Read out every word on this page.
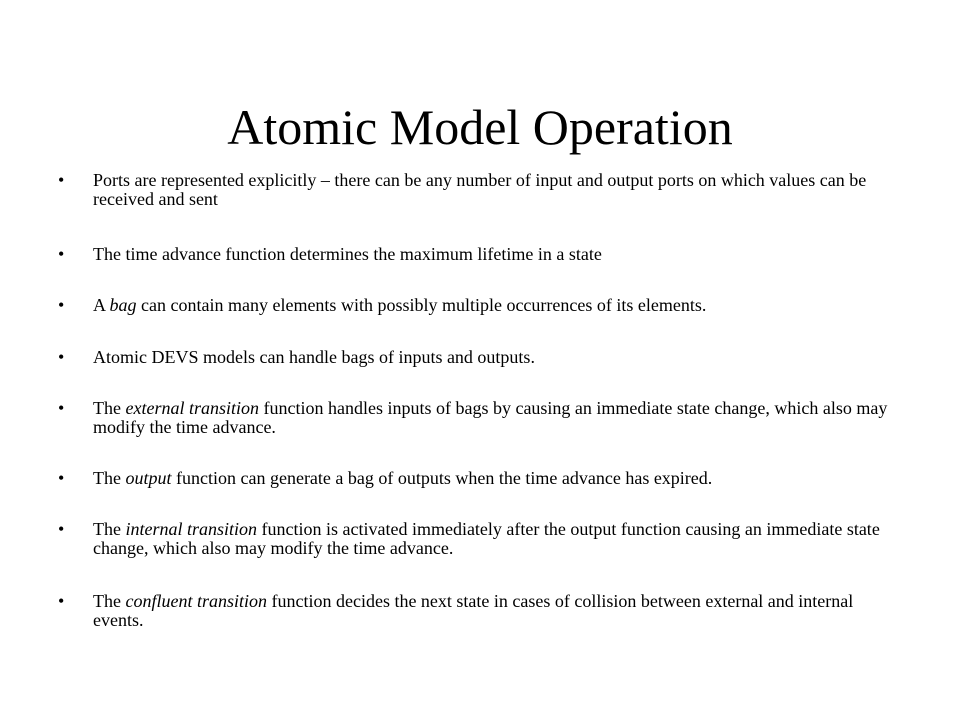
Atomic Model Operation
• Ports are represented explicitly – there can be any number of input and output ports on which values can be received and sent

• The time advance function determines the maximum lifetime in a state

• A bag can contain many elements with possibly multiple occurrences of its elements.

• Atomic DEVS models can handle bags of inputs and outputs.

• The external transition function handles inputs of bags by causing an immediate state change, which also may modify the time advance.

• The output function can generate a bag of outputs when the time advance has expired.

• The internal transition function is activated immediately after the output function causing an immediate state change, which also may modify the time advance.

• The confluent transition function decides the next state in cases of collision between external and internal events.
